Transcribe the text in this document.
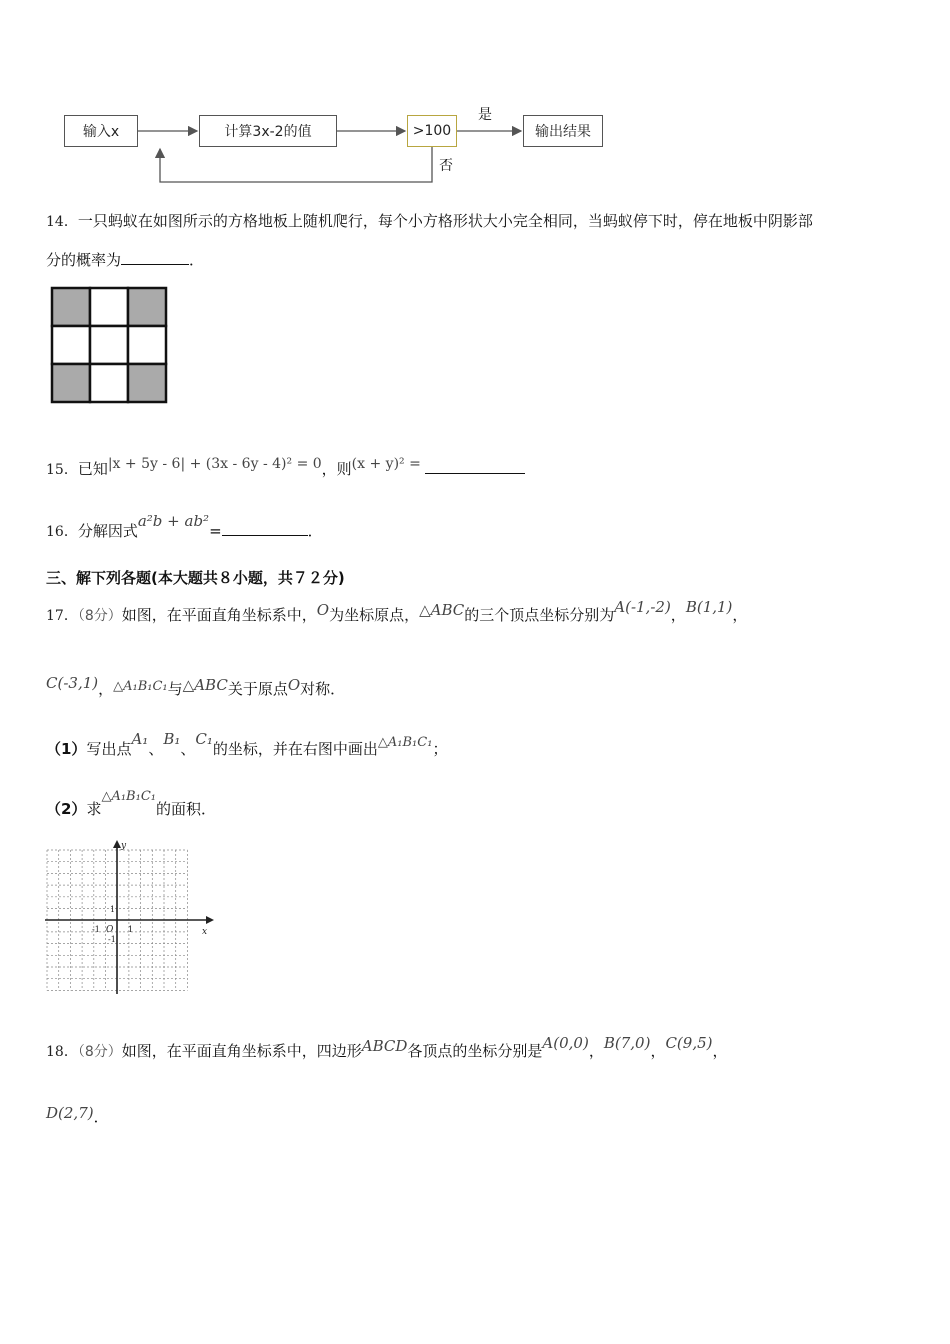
输入x	计算3x-2的值	>100	输出结果
是
否
14．一只蚂蚁在如图所示的方格地板上随机爬行，每个小方格形状大小完全相同，当蚂蚁停下时，停在地板中阴影部
分的概率为	．
15．已知|x + 5y - 6| + (3x - 6y - 4)² = 0，则(x + y)² =
16．分解因式a²b + ab²=	．
三、解下列各题(本大题共８小题，共７２分)
17．（8分）如图，在平面直角坐标系中，O为坐标原点，△ABC的三个顶点坐标分别为A(-1,-2)，B(1,1)，
C(-3,1)，△A₁B₁C₁与△ABC关于原点O对称．
（1）写出点A₁、B₁、C₁的坐标，并在右图中画出△A₁B₁C₁；
（2）求△A₁B₁C₁的面积．
x
y
O 1
-1
1
-1
18．（8分）如图，在平面直角坐标系中，四边形ABCD各顶点的坐标分别是A(0,0)，B(7,0)，C(9,5)，
D(2,7)．
